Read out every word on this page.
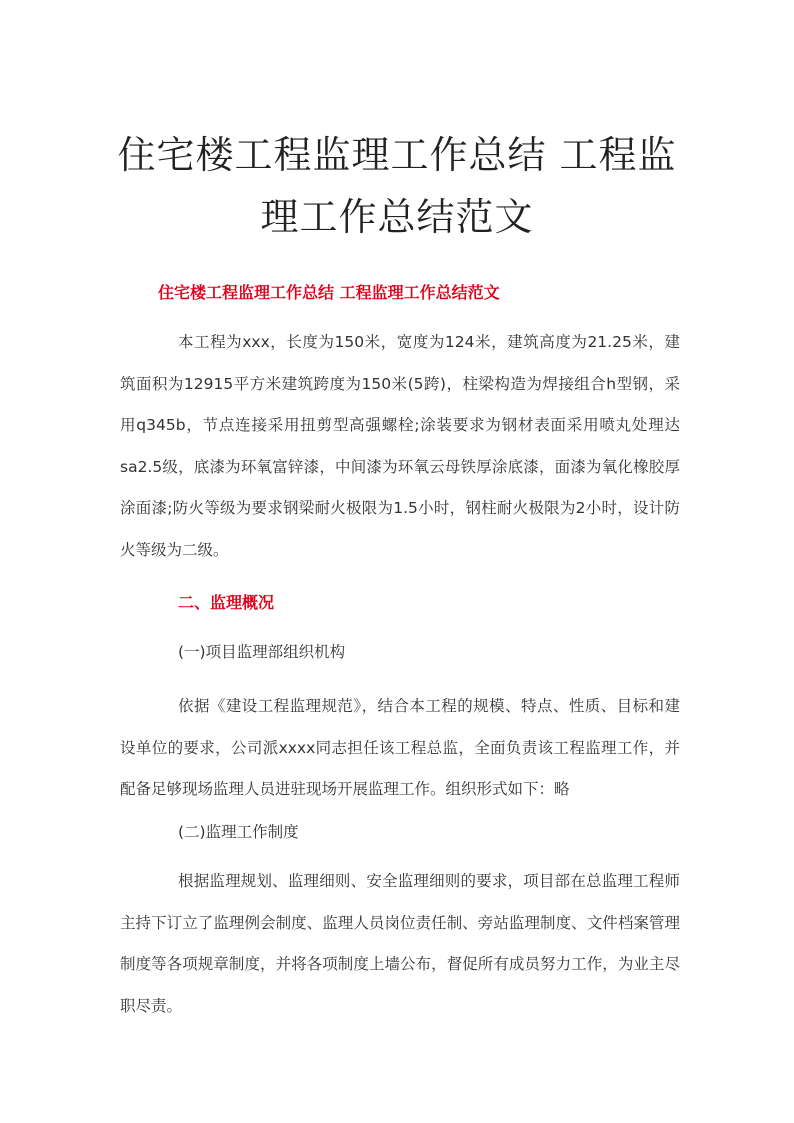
住宅楼工程监理工作总结 工程监理工作总结范文

住宅楼工程监理工作总结 工程监理工作总结范文

本工程为xxx，长度为150米，宽度为124米，建筑高度为21.25米，建筑面积为12915平方米建筑跨度为150米(5跨)，柱梁构造为焊接组合h型钢，采用q345b，节点连接采用扭剪型高强螺栓;涂装要求为钢材表面采用喷丸处理达sa2.5级，底漆为环氧富锌漆，中间漆为环氧云母铁厚涂底漆，面漆为氧化橡胶厚涂面漆;防火等级为要求钢梁耐火极限为1.5小时，钢柱耐火极限为2小时，设计防火等级为二级。

二、监理概况

(一)项目监理部组织机构

依据《建设工程监理规范》，结合本工程的规模、特点、性质、目标和建设单位的要求，公司派xxxx同志担任该工程总监，全面负责该工程监理工作，并配备足够现场监理人员进驻现场开展监理工作。组织形式如下：略

(二)监理工作制度

根据监理规划、监理细则、安全监理细则的要求，项目部在总监理工程师主持下订立了监理例会制度、监理人员岗位责任制、旁站监理制度、文件档案管理制度等各项规章制度，并将各项制度上墙公布，督促所有成员努力工作，为业主尽职尽责。
